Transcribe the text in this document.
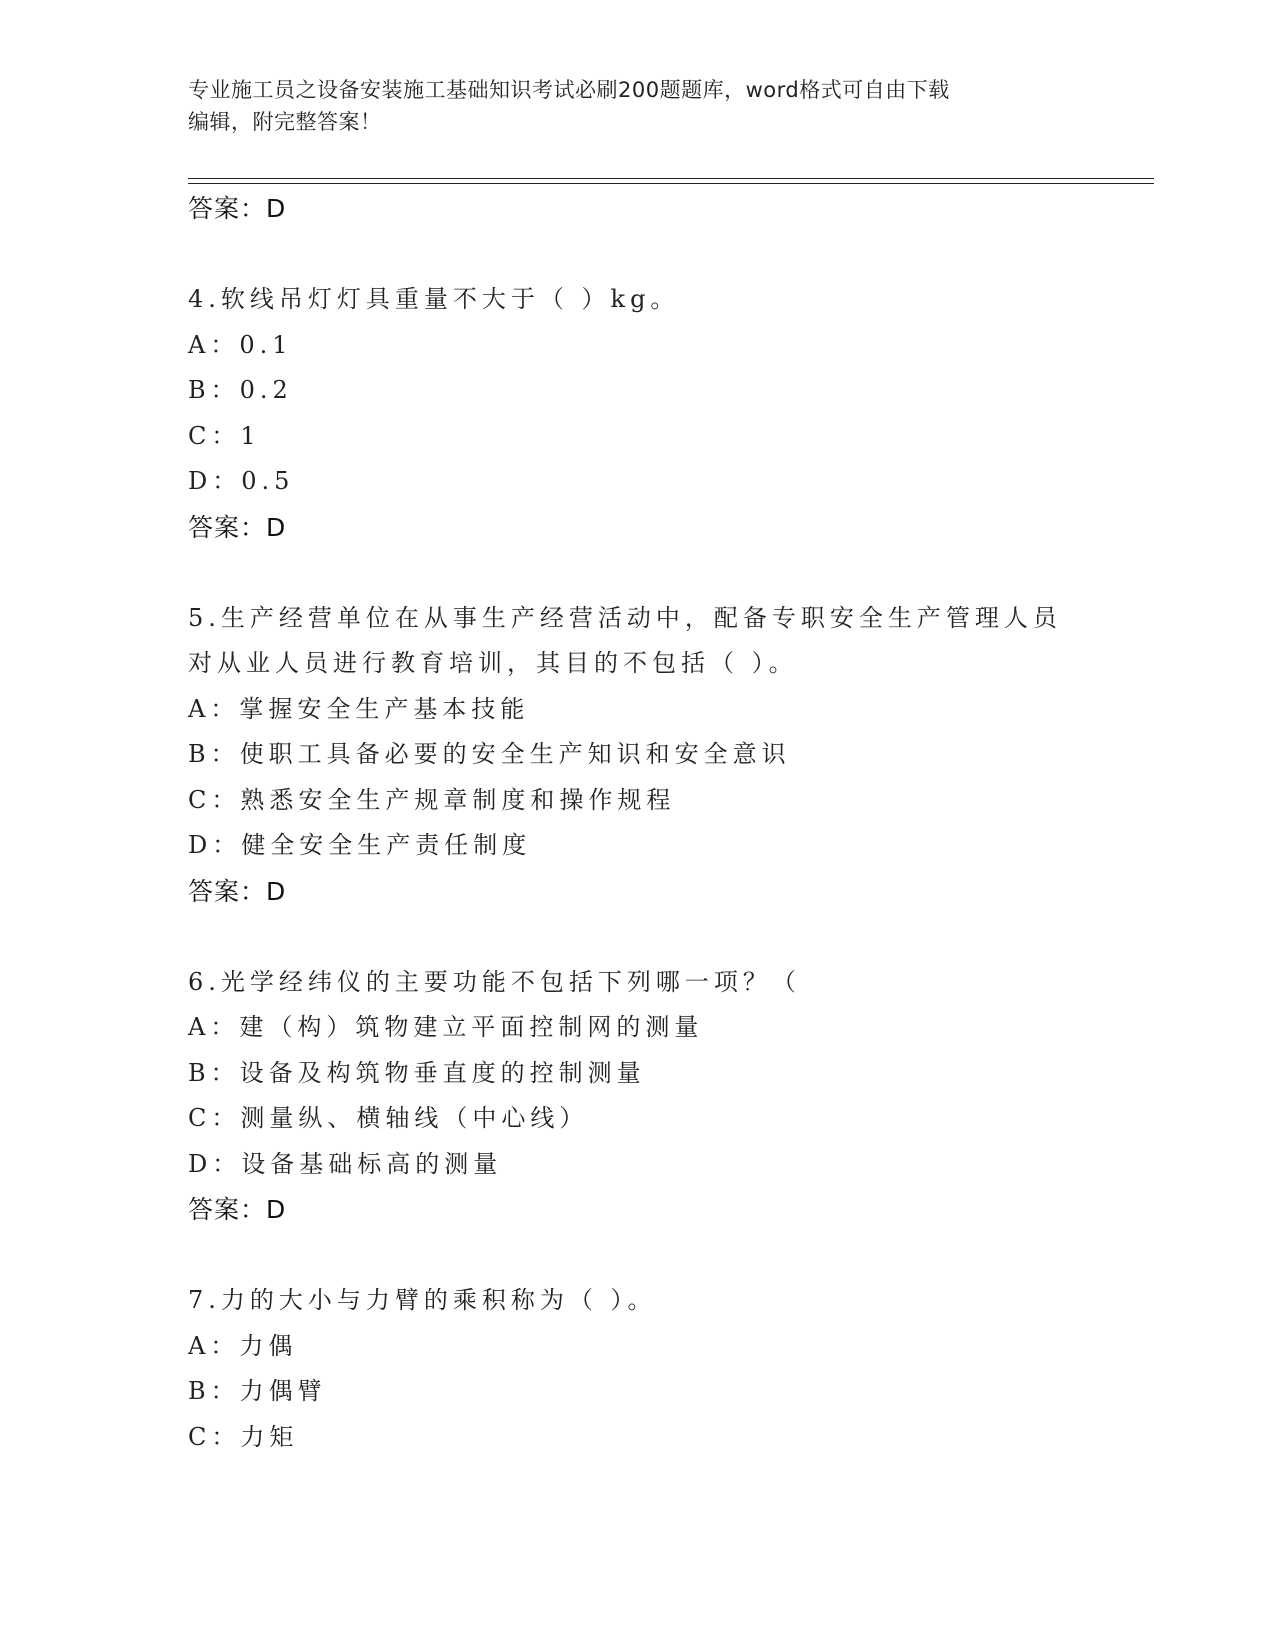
专业施工员之设备安装施工基础知识考试必刷200题题库，word格式可自由下载
编辑，附完整答案！
答案：D
4.软线吊灯灯具重量不大于（ ）kg。
A：0.1
B：0.2
C：1
D：0.5
答案：D
5.生产经营单位在从事生产经营活动中，配备专职安全生产管理人员
对从业人员进行教育培训，其目的不包括（ ）。
A：掌握安全生产基本技能
B：使职工具备必要的安全生产知识和安全意识
C：熟悉安全生产规章制度和操作规程
D：健全安全生产责任制度
答案：D
6.光学经纬仪的主要功能不包括下列哪一项？（
A：建（构）筑物建立平面控制网的测量
B：设备及构筑物垂直度的控制测量
C：测量纵、横轴线（中心线）
D：设备基础标高的测量
答案：D
7.力的大小与力臂的乘积称为（ ）。
A：力偶
B：力偶臂
C：力矩
